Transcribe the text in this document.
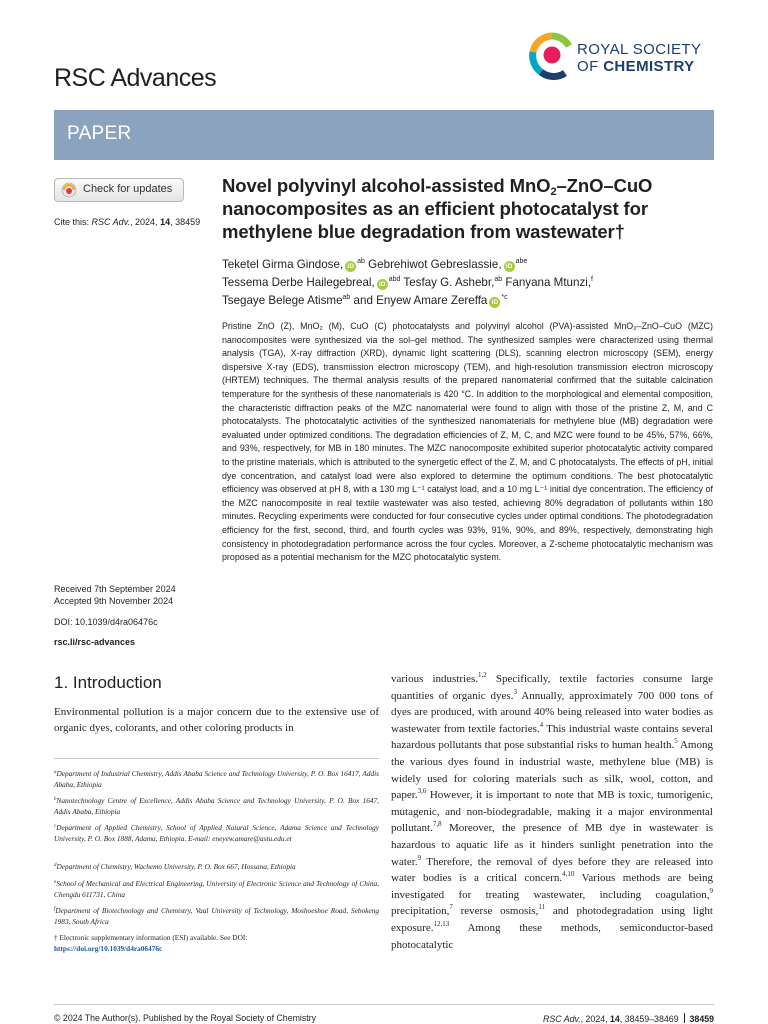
RSC Advances
ROYAL SOCIETY
OF CHEMISTRY
PAPER
Check for updates
Cite this: RSC Adv., 2024, 14, 38459
Received 7th September 2024
Accepted 9th November 2024
DOI: 10.1039/d4ra06476c
rsc.li/rsc-advances
Novel polyvinyl alcohol-assisted MnO$_2$–ZnO–CuO nanocomposites as an efficient photocatalyst for methylene blue degradation from wastewater†
Teketel Girma Gindose, $iD^{ab}$ Gebrehiwot Gebreslassie, $iD^{abe}$
Tessema Derbe Hailegebreal, $iD^{abd}$ Tesfay G. Ashebr,$^{ab}$ Fanyana Mtunzi,$^f$
Tsegaye Belege Atisme$^{ab}$ and Enyew Amare Zereffa $iD^{*c}$
Pristine ZnO (Z), MnO₂ (M), CuO (C) photocatalysts and polyvinyl alcohol (PVA)-assisted MnO₂–ZnO–CuO (MZC) nanocomposites were synthesized via the sol–gel method. The synthesized samples were characterized using thermal analysis (TGA), X-ray diffraction (XRD), dynamic light scattering (DLS), scanning electron microscopy (SEM), energy dispersive X-ray (EDS), transmission electron microscopy (TEM), and high-resolution transmission electron microscopy (HRTEM) techniques. The thermal analysis results of the prepared nanomaterial confirmed that the suitable calcination temperature for the synthesis of these nanomaterials is 420 °C. In addition to the morphological and elemental composition, the characteristic diffraction peaks of the MZC nanomaterial were found to align with those of the pristine Z, M, and C photocatalysts. The photocatalytic activities of the synthesized nanomaterials for methylene blue (MB) degradation were evaluated under optimized conditions. The degradation efficiencies of Z, M, C, and MZC were found to be 45%, 57%, 66%, and 93%, respectively, for MB in 180 minutes. The MZC nanocomposite exhibited superior photocatalytic activity compared to the pristine materials, which is attributed to the synergetic effect of the Z, M, and C photocatalysts. The effects of pH, initial dye concentration, and catalyst load were also explored to determine the optimum conditions. The best photocatalytic efficiency was observed at pH 8, with a 130 mg L⁻¹ catalyst load, and a 10 mg L⁻¹ initial dye concentration. The efficiency of the MZC nanocomposite in real textile wastewater was also tested, achieving 80% degradation of pollutants within 180 minutes. Recycling experiments were conducted for four consecutive cycles under optimal conditions. The photodegradation efficiency for the first, second, third, and fourth cycles was 93%, 91%, 90%, and 89%, respectively, demonstrating high consistency in photodegradation performance across the four cycles. Moreover, a Z-scheme photocatalytic mechanism was proposed as a potential mechanism for the MZC photocatalytic system.
1. Introduction
Environmental pollution is a major concern due to the extensive use of organic dyes, colorants, and other coloring products in
various industries.$^{1,2}$ Specifically, textile factories consume large quantities of organic dyes.$^3$ Annually, approximately 700 000 tons of dyes are produced, with around 40% being released into water bodies as wastewater from textile factories.$^4$ This industrial waste contains several hazardous pollutants that pose substantial risks to human health.$^5$ Among the various dyes found in industrial waste, methylene blue (MB) is widely used for coloring materials such as silk, wool, cotton, and paper.$^{3,6}$ However, it is important to note that MB is toxic, tumorigenic, mutagenic, and non-biodegradable, making it a major environmental pollutant.$^{7,8}$ Moreover, the presence of MB dye in wastewater is hazardous to aquatic life as it hinders sunlight penetration into the water.$^9$ Therefore, the removal of dyes before they are released into water bodies is a critical concern.$^{4,10}$ Various methods are being investigated for treating wastewater, including coagulation,$^9$ precipitation,$^7$ reverse osmosis,$^{11}$ and photodegradation using light exposure.$^{12,13}$ Among these methods, semiconductor-based photocatalytic
$^a$Department of Industrial Chemistry, Addis Ababa Science and Technology University, P. O. Box 16417, Addis Ababa, Ethiopia
$^b$Nanotechnology Centre of Excellence, Addis Ababa Science and Technology University, P. O. Box 1647, Addis Ababa, Ethiopia
$^c$Department of Applied Chemistry, School of Applied Natural Science, Adama Science and Technology University, P. O. Box 1888, Adama, Ethiopia. E-mail: eneyew.amare@astu.edu.et
$^d$Department of Chemistry, Wachemo University, P. O. Box 667, Hossana, Ethiopia
$^e$School of Mechanical and Electrical Engineering, University of Electronic Science and Technology of China, Chengdu 611731, China
$^f$Department of Biotechnology and Chemistry, Vaal University of Technology, Moshoeshoe Road, Sebokeng 1983, South Africa
† Electronic supplementary information (ESI) available. See DOI:
https://doi.org/10.1039/d4ra06476c
© 2024 The Author(s). Published by the Royal Society of Chemistry	RSC Adv., 2024, 14, 38459–38469 38459
